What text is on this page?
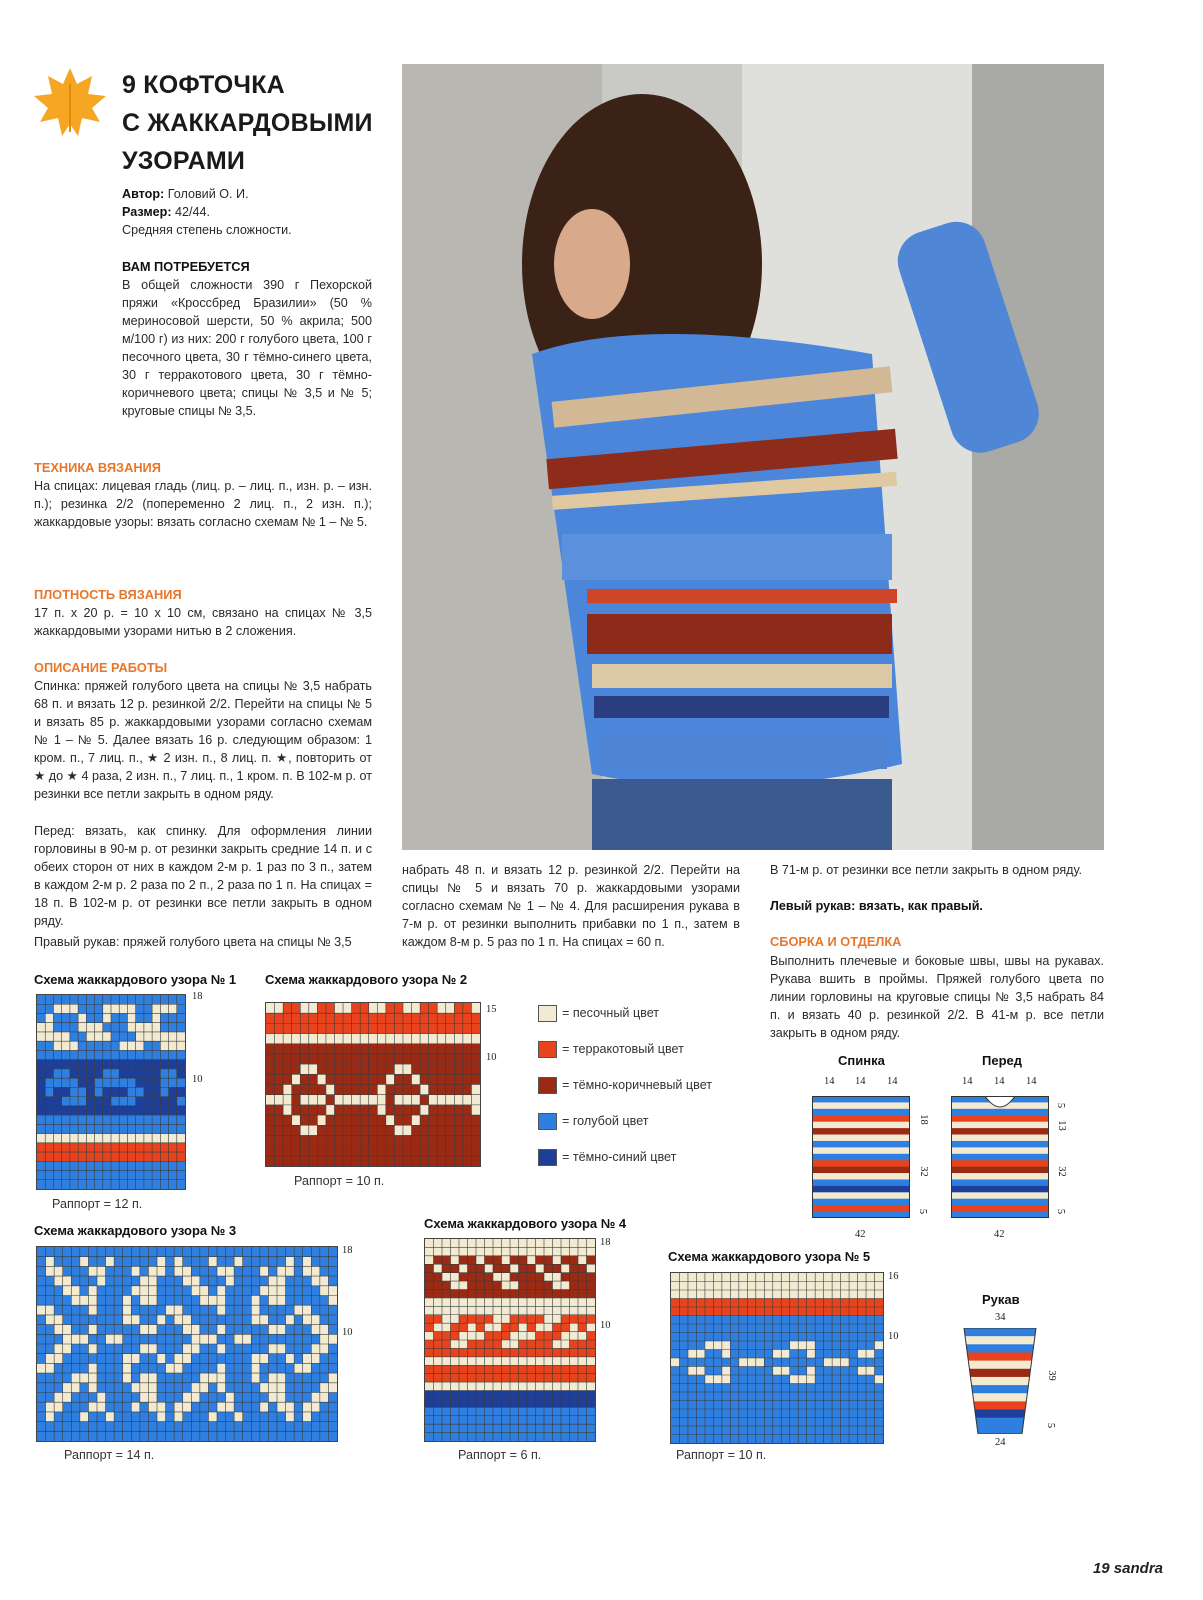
9 КОФТОЧКА
С ЖАККАРДОВЫМИ
УЗОРАМИ
Автор: Головий О. И.
Размер: 42/44.
Средняя степень сложности.
ВАМ ПОТРЕБУЕТСЯ
В общей сложности 390 г Пехорской пряжи «Кроссбред Бразилии» (50 % мериносовой шерсти, 50 % акрила; 500 м/100 г) из них: 200 г голубого цвета, 100 г песочного цвета, 30 г тёмно-синего цвета, 30 г терракотового цвета, 30 г тёмно-коричневого цвета; спицы № 3,5 и № 5; круговые спицы № 3,5.
ТЕХНИКА ВЯЗАНИЯ
На спицах: лицевая гладь (лиц. р. – лиц. п., изн. р. – изн. п.); резинка 2/2 (попеременно 2 лиц. п., 2 изн. п.); жаккардовые узоры: вязать согласно схемам № 1 – № 5.
ПЛОТНОСТЬ ВЯЗАНИЯ
17 п. х 20 р. = 10 х 10 см, связано на спицах № 3,5 жаккардовыми узорами нитью в 2 сложения.
ОПИСАНИЕ РАБОТЫ
Спинка: пряжей голубого цвета на спицы № 3,5 набрать 68 п. и вязать 12 р. резинкой 2/2. Перейти на спицы № 5 и вязать 85 р. жаккардовыми узорами согласно схемам № 1 – № 5. Далее вязать 16 р. следующим образом: 1 кром. п., 7 лиц. п., ★ 2 изн. п., 8 лиц. п. ★, повторить от ★ до ★ 4 раза, 2 изн. п., 7 лиц. п., 1 кром. п. В 102-м р. от резинки все петли закрыть в одном ряду.
Перед: вязать, как спинку. Для оформления линии горловины в 90-м р. от резинки закрыть средние 14 п. и с обеих сторон от них в каждом 2-м р. 1 раз по 3 п., затем в каждом 2-м р. 2 раза по 2 п., 2 раза по 1 п. На спицах = 18 п. В 102-м р. от резинки все петли закрыть в одном ряду.
Правый рукав: пряжей голубого цвета на спицы № 3,5
набрать 48 п. и вязать 12 р. резинкой 2/2. Перейти на спицы № 5 и вязать 70 р. жаккардовыми узорами согласно схемам № 1 – № 4. Для расширения рукава в 7-м р. от резинки выполнить прибавки по 1 п., затем в каждом 8-м р. 5 раз по 1 п. На спицах = 60 п.
В 71-м р. от резинки все петли закрыть в одном ряду.
Левый рукав: вязать, как правый.
СБОРКА И ОТДЕЛКА
Выполнить плечевые и боковые швы, швы на рукавах. Рукава вшить в проймы. Пряжей голубого цвета по линии горловины на круговые спицы № 3,5 набрать 84 п. и вязать 40 р. резинкой 2/2. В 41-м р. все петли закрыть в одном ряду.
Схема жаккардового узора № 1
18
10
Раппорт = 12 п.
Схема жаккардового узора № 2
15
10
Раппорт = 10 п.
= песочный цвет
= терракотовый цвет
= тёмно-коричневый цвет
= голубой цвет
= тёмно-синий цвет
Схема жаккардового узора № 3
18
10
Раппорт = 14 п.
Схема жаккардового узора № 4
18
10
Раппорт = 6 п.
Схема жаккардового узора № 5
16
10
Раппорт = 10 п.
Спинка
14 14 14
18
32
5
42
Перед
14 14 14
5
13
32
5
42
Рукав
34
39
5
24
19 sandra
